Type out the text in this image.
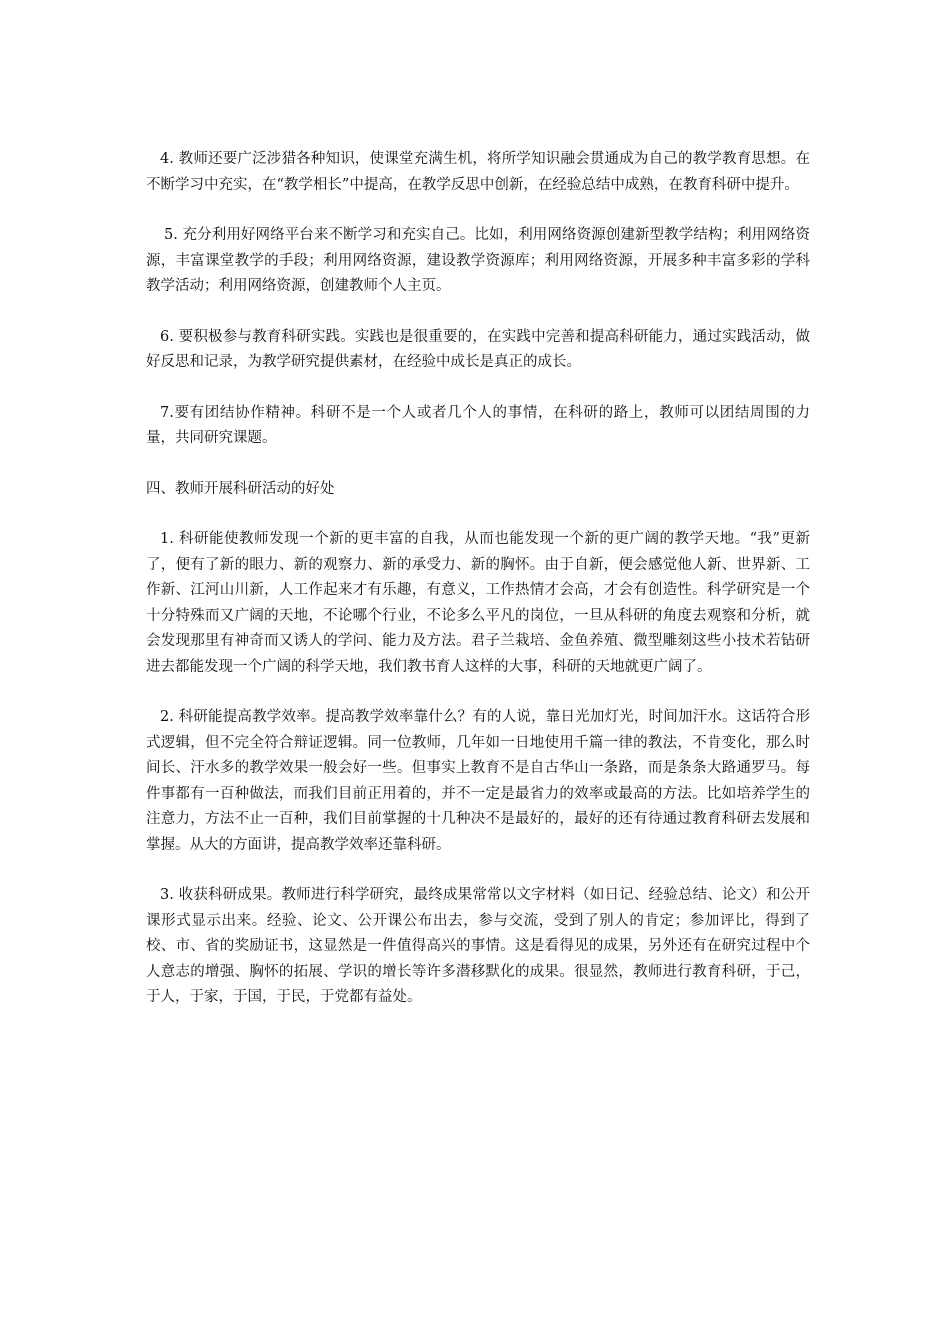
4. 教师还要广泛涉猎各种知识，使课堂充满生机，将所学知识融会贯通成为自己的教学教育思想。在不断学习中充实，在“教学相长”中提高，在教学反思中创新，在经验总结中成熟，在教育科研中提升。

5. 充分利用好网络平台来不断学习和充实自己。比如，利用网络资源创建新型教学结构；利用网络资源，丰富课堂教学的手段；利用网络资源，建设教学资源库；利用网络资源，开展多种丰富多彩的学科教学活动；利用网络资源，创建教师个人主页。

6. 要积极参与教育科研实践。实践也是很重要的，在实践中完善和提高科研能力，通过实践活动，做好反思和记录，为教学研究提供素材，在经验中成长是真正的成长。

7.要有团结协作精神。科研不是一个人或者几个人的事情，在科研的路上，教师可以团结周围的力量，共同研究课题。

四、教师开展科研活动的好处

1. 科研能使教师发现一个新的更丰富的自我，从而也能发现一个新的更广阔的教学天地。“我”更新了，便有了新的眼力、新的观察力、新的承受力、新的胸怀。由于自新，便会感觉他人新、世界新、工作新、江河山川新，人工作起来才有乐趣，有意义，工作热情才会高，才会有创造性。科学研究是一个十分特殊而又广阔的天地，不论哪个行业，不论多么平凡的岗位，一旦从科研的角度去观察和分析，就会发现那里有神奇而又诱人的学问、能力及方法。君子兰栽培、金鱼养殖、微型雕刻这些小技术若钻研进去都能发现一个广阔的科学天地，我们教书育人这样的大事，科研的天地就更广阔了。

2. 科研能提高教学效率。提高教学效率靠什么？有的人说，靠日光加灯光，时间加汗水。这话符合形式逻辑，但不完全符合辩证逻辑。同一位教师，几年如一日地使用千篇一律的教法，不肯变化，那么时间长、汗水多的教学效果一般会好一些。但事实上教育不是自古华山一条路，而是条条大路通罗马。每件事都有一百种做法，而我们目前正用着的，并不一定是最省力的效率或最高的方法。比如培养学生的注意力，方法不止一百种，我们目前掌握的十几种决不是最好的，最好的还有待通过教育科研去发展和掌握。从大的方面讲，提高教学效率还靠科研。

3. 收获科研成果。教师进行科学研究，最终成果常常以文字材料（如日记、经验总结、论文）和公开课形式显示出来。经验、论文、公开课公布出去，参与交流，受到了别人的肯定；参加评比，得到了校、市、省的奖励证书，这显然是一件值得高兴的事情。这是看得见的成果，另外还有在研究过程中个人意志的增强、胸怀的拓展、学识的增长等许多潜移默化的成果。很显然，教师进行教育科研，于己，于人，于家，于国，于民，于党都有益处。
